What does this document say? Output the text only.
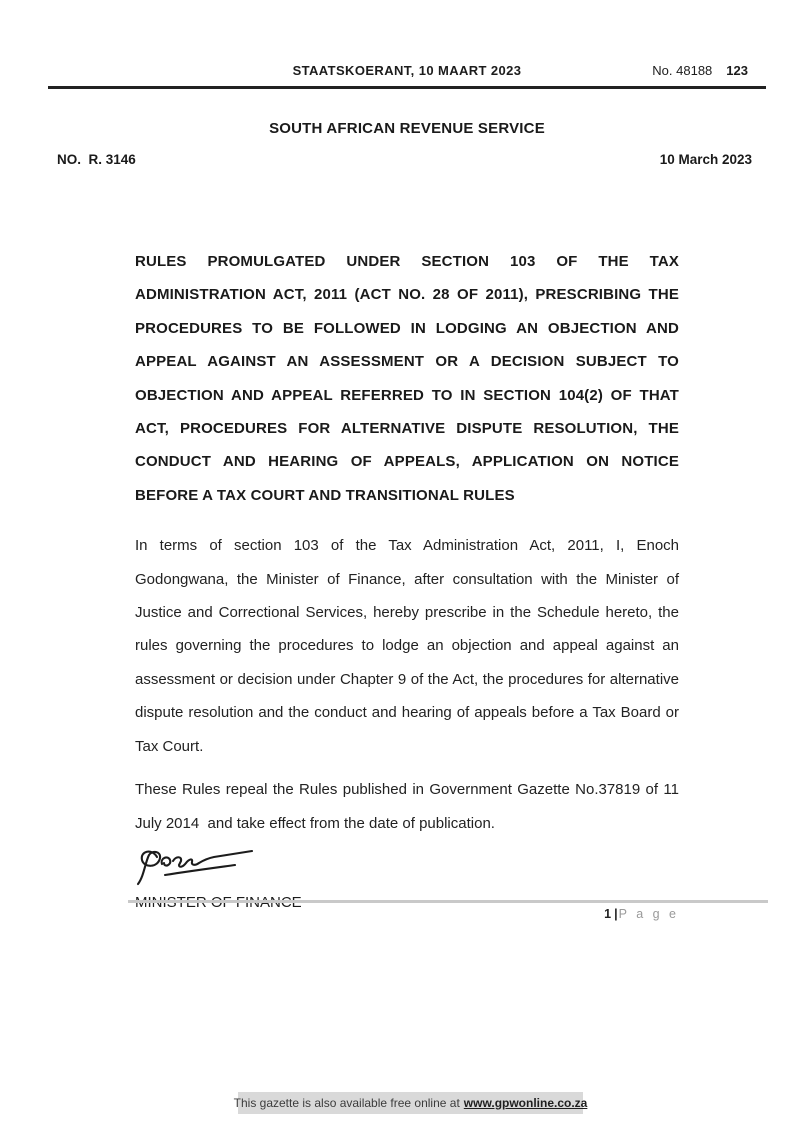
STAATSKOERANT, 10 MAART 2023	No. 48188 123
SOUTH AFRICAN REVENUE SERVICE
NO.  R. 3146	10 March 2023

RULES PROMULGATED UNDER SECTION 103 OF THE TAX ADMINISTRATION ACT, 2011 (ACT NO. 28 OF 2011), PRESCRIBING THE PROCEDURES TO BE FOLLOWED IN LODGING AN OBJECTION AND APPEAL AGAINST AN ASSESSMENT OR A DECISION SUBJECT TO OBJECTION AND APPEAL REFERRED TO IN SECTION 104(2) OF THAT ACT, PROCEDURES FOR ALTERNATIVE DISPUTE RESOLUTION, THE CONDUCT AND HEARING OF APPEALS, APPLICATION ON NOTICE BEFORE A TAX COURT AND TRANSITIONAL RULES

In terms of section 103 of the Tax Administration Act, 2011, I, Enoch Godongwana, the Minister of Finance, after consultation with the Minister of Justice and Correctional Services, hereby prescribe in the Schedule hereto, the rules governing the procedures to lodge an objection and appeal against an assessment or decision under Chapter 9 of the Act, the procedures for alternative dispute resolution and the conduct and hearing of appeals before a Tax Board or Tax Court.

These Rules repeal the Rules published in Government Gazette No.37819 of 11 July 2014  and take effect from the date of publication.

1 |P a g e
This gazette is also available free online at www.gpwonline.co.za
